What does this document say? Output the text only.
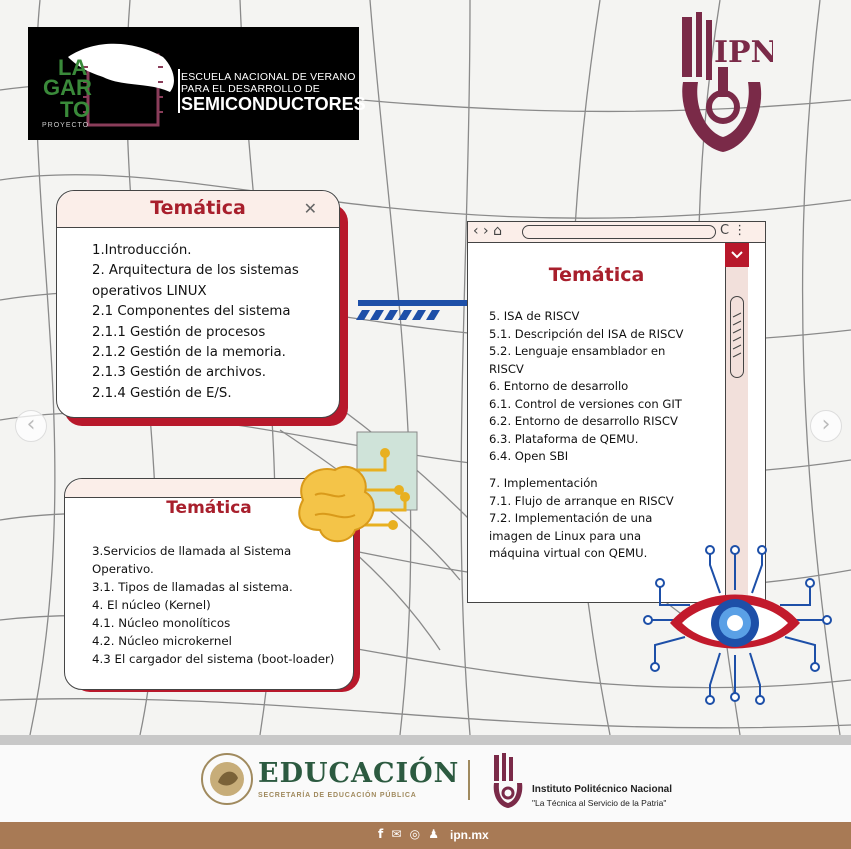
LA
GAR
TO
PROYECTO
ESCUELA NACIONAL DE VERANO
PARA EL DESARROLLO DE
SEMICONDUCTORES
IPN
Temática	✕
1.Introducción.
2. Arquitectura de los sistemas
operativos LINUX
2.1 Componentes del sistema
2.1.1 Gestión de procesos
2.1.2 Gestión de la memoria.
2.1.3 Gestión de archivos.
2.1.4 Gestión de E/S.
Temática
3.Servicios de llamada al Sistema
Operativo.
3.1. Tipos de llamadas al sistema.
4. El núcleo (Kernel)
4.1. Núcleo monolíticos
4.2. Núcleo microkernel
4.3 El cargador del sistema (boot-loader)
‹ › ⌂	C ⋮
Temática
5. ISA de RISCV
5.1. Descripción del ISA de RISCV
5.2. Lenguaje ensamblador en
RISCV
6. Entorno de desarrollo
6.1. Control de versiones con GIT
6.2. Entorno de desarrollo RISCV
6.3. Plataforma de QEMU.
6.4. Open SBI
7. Implementación
7.1. Flujo de arranque en RISCV
7.2. Implementación de una
imagen de Linux para una
máquina virtual con QEMU.
‹	›
EDUCACIÓN
SECRETARÍA DE EDUCACIÓN PÚBLICA
Instituto Politécnico Nacional
"La Técnica al Servicio de la Patria"
f ✉ ◎ ♟ ipn.mx
